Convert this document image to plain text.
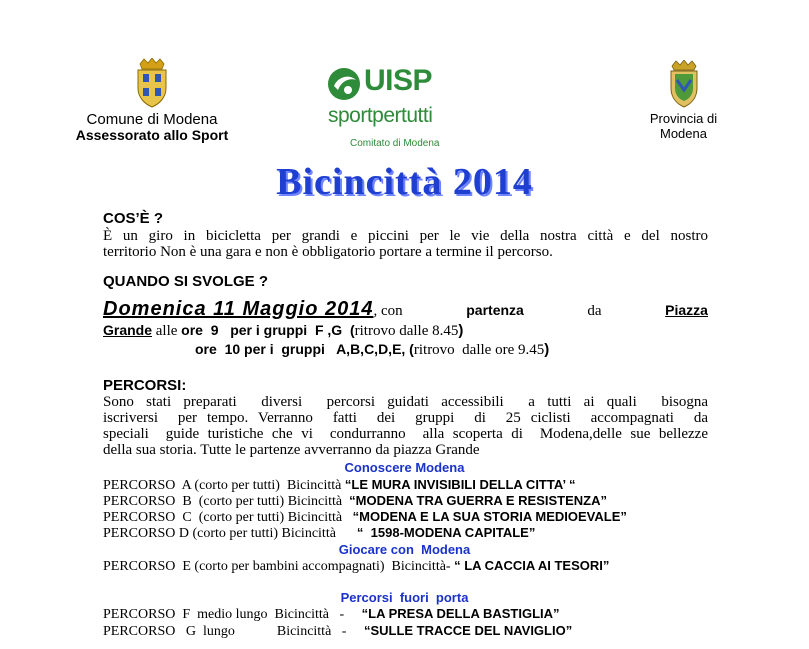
Comune di Modena
Assessorato allo Sport
UISP
sportpertutti
Comitato di Modena
Provincia di Modena
Bicincittà 2014
COS’È ?
È un giro in bicicletta per grandi e piccini per le vie della nostra città e del nostro
territorio Non è una gara e non è obbligatorio portare a termine il percorso.
QUANDO SI SVOLGE ?
Domenica 11 Maggio 2014, con	partenza	da	Piazza
Grande alle ore  9   per i gruppi  F ,G  (ritrovo dalle 8.45)
ore  10 per i  gruppi   A,B,C,D,E, (ritrovo  dalle ore 9.45)
PERCORSI:
Sono stati preparati  diversi  percorsi guidati accessibili  a tutti ai quali  bisogna
iscriversi  per tempo. Verranno  fatti  dei  gruppi  di  25 ciclisti  accompagnati  da
speciali  guide turistiche che vi  condurranno  alla scoperta di  Modena,delle sue bellezze
della sua storia. Tutte le partenze avverranno da piazza Grande
Conoscere Modena
PERCORSO  A (corto per tutti)  Bicincittà “LE MURA INVISIBILI DELLA CITTA’ “
PERCORSO  B  (corto per tutti) Bicincittà  “MODENA TRA GUERRA E RESISTENZA”
PERCORSO  C  (corto per tutti) Bicincittà   “MODENA E LA SUA STORIA MEDIOEVALE”
PERCORSO D (corto per tutti) Bicincittà      “  1598-MODENA CAPITALE”
Giocare con  Modena
PERCORSO  E (corto per bambini accompagnati)  Bicincittà- “ LA CACCIA AI TESORI”
Percorsi  fuori  porta
PERCORSO  F  medio lungo  Bicincittà   -     “LA PRESA DELLA BASTIGLIA”
PERCORSO   G  lungo            Bicincittà   -     “SULLE TRACCE DEL NAVIGLIO”
